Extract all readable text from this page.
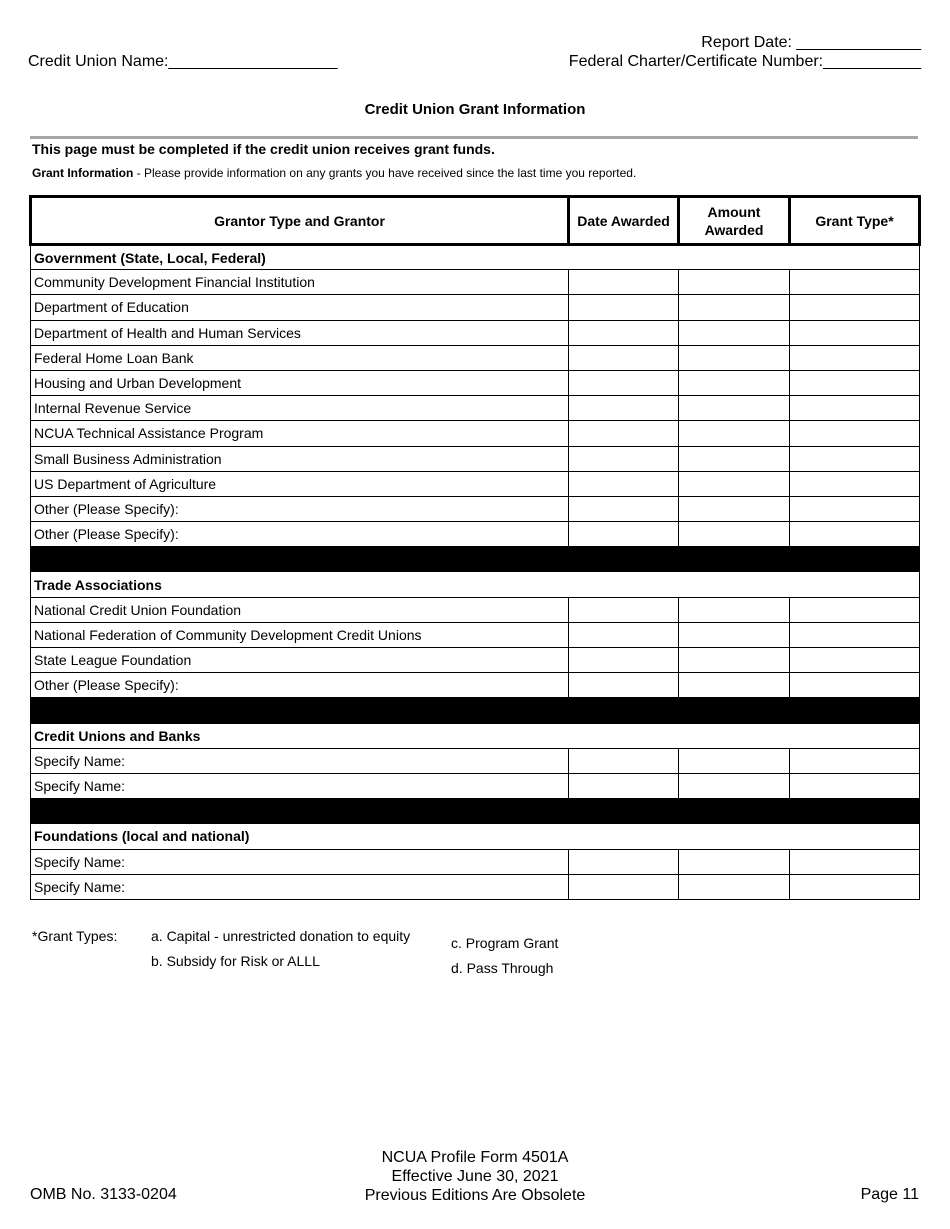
Report Date: ______________
Credit Union Name:___________________	Federal Charter/Certificate Number:___________
Credit Union Grant Information
This page must be completed if the credit union receives grant funds.
Grant Information - Please provide information on any grants you have received since the last time you reported.
Grantor Type and Grantor	Date Awarded	Amount Awarded	Grant Type*
Government (State, Local, Federal)			
Community Development Financial Institution			
Department of Education			
Department of Health and Human Services			
Federal Home Loan Bank			
Housing and Urban Development			
Internal Revenue Service			
NCUA Technical Assistance Program			
Small Business Administration			
US Department of Agriculture			
Other (Please Specify):			
Other (Please Specify):			

Trade Associations			
National Credit Union Foundation			
National Federation of Community Development Credit Unions			
State League Foundation			
Other (Please Specify):			

Credit Unions and Banks			
Specify Name:			
Specify Name:			

Foundations (local and national)			
Specify Name:			
Specify Name:			
*Grant Types: a. Capital - unrestricted donation to equity
b. Subsidy for Risk or ALLL
c. Program Grant
d. Pass Through
NCUA Profile Form 4501A
Effective June 30, 2021
Previous Editions Are Obsolete
OMB No. 3133-0204	Page 11
